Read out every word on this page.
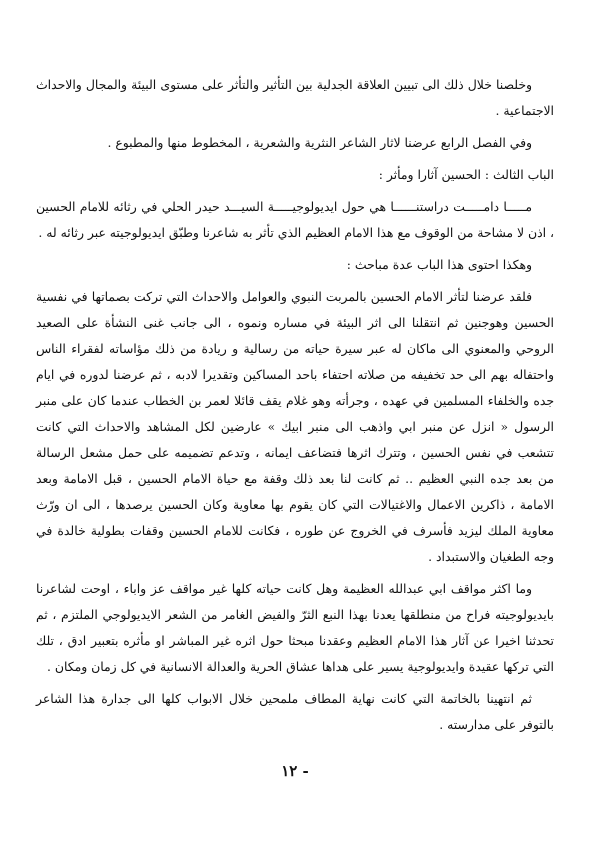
وخلصنا خلال ذلك الى تبيين العلاقة الجدلية بين التأثير والتأثر على مستوى البيئة والمجال والاحداث الاجتماعية .

وفي الفصل الرابع عرضنا لاثار الشاعر النثرية والشعرية ، المخطوط منها والمطبوع .

الباب الثالث : الحسين آثارا ومأثر :

مـــــا دامـــــت دراستنــــــا هي حول ايديولوجيـــــة السيـــد حيدر الحلي في رثائه للامام الحسين ، اذن لا مشاحة من الوقوف مع هذا الامام العظيم الذي تأثر به شاعرنا وطبّق ايديولوجيته عبر رثائه له .

وهكذا احتوى هذا الباب عدة مباحث :

فلقد عرضنا لتأثر الامام الحسين بالمربت النبوي والعوامل والاحداث التي تركت بصماتها في نفسية الحسين وهوجنين ثم انتقلنا الى اثر البيئة في مساره ونموه ، الى جانب غنى النشأة على الصعيد الروحي والمعنوي الى ماكان له عبر سيرة حياته من رسالية و ريادة من ذلك مؤاساته لفقراء الناس واحتفاله بهم الى حد تخفيفه من صلاته احتفاء باحد المساكين وتقديرا لادبه ، ثم عرضنا لدوره في ايام جده والخلفاء المسلمين في عهده ، وجرأته وهو غلام يقف قائلا لعمر بن الخطاب عندما كان على منبر الرسول « انزل عن منبر ابي واذهب الى منبر ابيك » عارضين لكل المشاهد والاحداث التي كانت تتشعب في نفس الحسين ، وتترك اثرها فتضاعف ايمانه ، وتدعم تضميمه على حمل مشعل الرسالة من بعد جده النبي العظيم .. ثم كانت لنا بعد ذلك وقفة مع حياة الامام الحسين ، قبل الامامة وبعد الامامة ، ذاكرين الاعمال والاغتيالات التي كان يقوم بها معاوية وكان الحسين يرصدها ، الى ان ورّث معاوية الملك ليزيد فأسرف في الخروج عن طوره ، فكانت للامام الحسين وقفات بطولية خالدة في وجه الطغيان والاستبداد .

وما اكثر مواقف ابي عبدالله العظيمة وهل كانت حياته كلها غير مواقف عز واباء ، اوحت لشاعرنا بايديولوجيته فراح من منطلقها يعدنا بهذا النبع الثرّ والفيض الغامر من الشعر الايديولوجي الملتزم ، ثم تحدثنا اخيرا عن آثار هذا الامام العظيم وعقدنا مبحثا حول اثره غير المباشر او مأثره بتعبير ادق ، تلك التي تركها عقيدة وايديولوجية يسير على هداها عشاق الحرية والعدالة الانسانية في كل زمان ومكان .

ثم انتهينا بالخاتمة التي كانت نهاية المطاف ملمحين خلال الابواب كلها الى جدارة هذا الشاعر بالتوفر على مدارسته .

- ١٢
